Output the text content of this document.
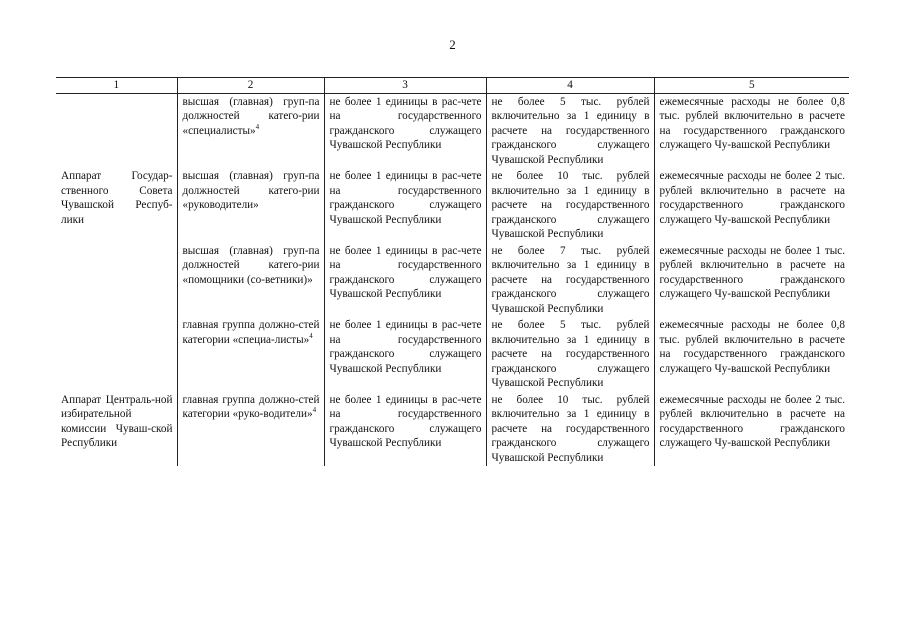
2
1	2	3	4	5
	высшая (главная) груп-па должностей катего-рии «специалисты»$^4$	не более 1 единицы в рас-чете на государственного гражданского служащего Чувашской Республики	не более 5 тыс. рублей включительно за 1 единицу в расчете на государственного гражданского служащего Чувашской Республики	ежемесячные расходы не более 0,8 тыс. рублей включительно в расчете на государственного гражданского служащего Чу-вашской Республики
Аппарат Государ-ственного Совета Чувашской Респуб-лики	высшая (главная) груп-па должностей катего-рии «руководители»	не более 1 единицы в рас-чете на государственного гражданского служащего Чувашской Республики	не более 10 тыс. рублей включительно за 1 единицу в расчете на государственного гражданского служащего Чувашской Республики	ежемесячные расходы не более 2 тыс. рублей включительно в расчете на государственного гражданского служащего Чу-вашской Республики
	высшая (главная) груп-па должностей катего-рии «помощники (со-ветники)»	не более 1 единицы в рас-чете на государственного гражданского служащего Чувашской Республики	не более 7 тыс. рублей включительно за 1 единицу в расчете на государственного гражданского служащего Чувашской Республики	ежемесячные расходы не более 1 тыс. рублей включительно в расчете на государственного гражданского служащего Чу-вашской Республики
	главная группа должно-стей категории «специа-листы»$^4$	не более 1 единицы в рас-чете на государственного гражданского служащего Чувашской Республики	не более 5 тыс. рублей включительно за 1 единицу в расчете на государственного гражданского служащего Чувашской Республики	ежемесячные расходы не более 0,8 тыс. рублей включительно в расчете на государственного гражданского служащего Чу-вашской Республики
Аппарат Централь-ной избирательной комиссии Чуваш-ской Республики	главная группа должно-стей категории «руко-водители»$^4$	не более 1 единицы в рас-чете на государственного гражданского служащего Чувашской Республики	не более 10 тыс. рублей включительно за 1 единицу в расчете на государственного гражданского служащего Чувашской Республики	ежемесячные расходы не более 2 тыс. рублей включительно в расчете на государственного гражданского служащего Чу-вашской Республики
